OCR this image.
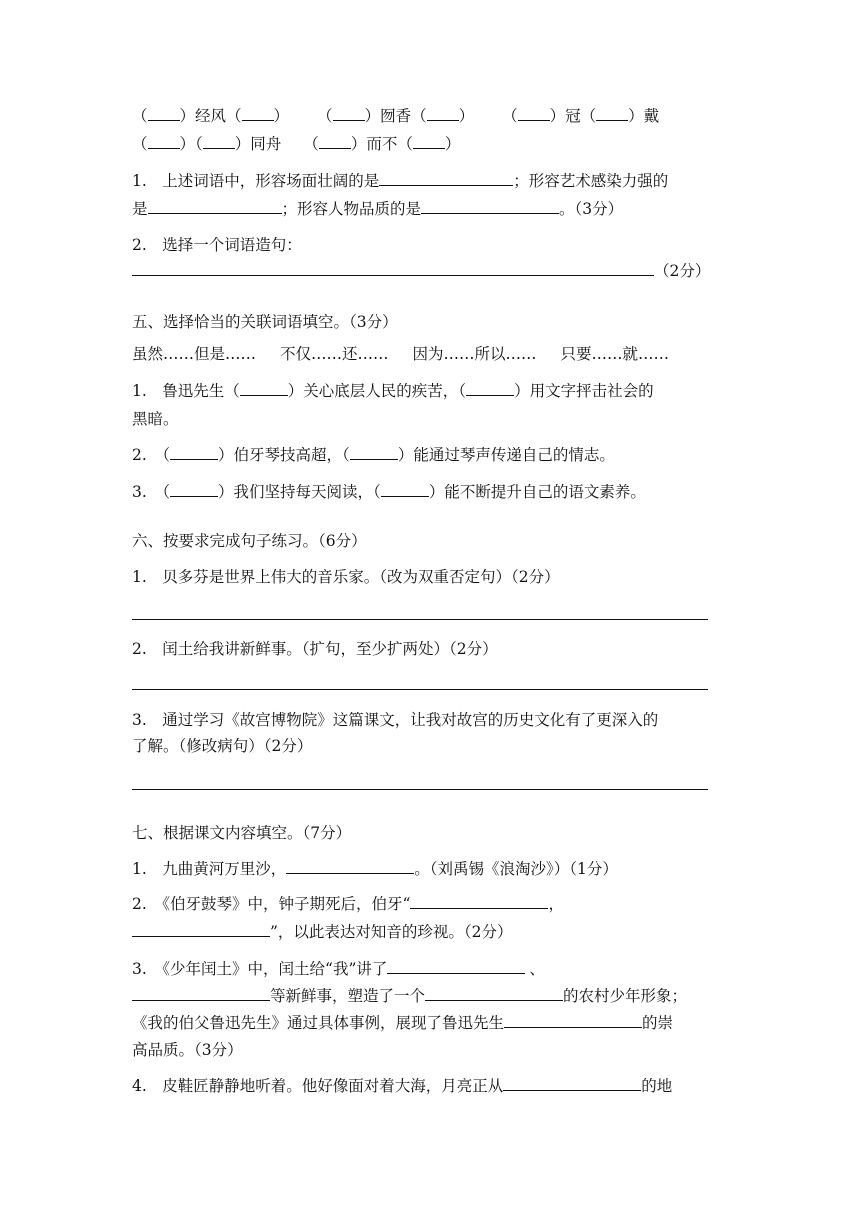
（ ）经风（ ） （ ）囫香（ ） （ ）冠（ ）戴
（ ）（ ）同舟 （ ）而不（ ）
1.　上述词语中，形容场面壮阔的是	；形容艺术感染力强的
是	；形容人物品质的是	。（3分）
2.　选择一个词语造句：
（2分）
五、选择恰当的关联词语填空。（3分）
虽然……但是…… 不仅……还…… 因为……所以…… 只要……就……
1.　鲁迅先生（	）关心底层人民的疾苦，（	）用文字抨击社会的
黑暗。
2.　（	）伯牙琴技高超，（	）能通过琴声传递自己的情志。
3.　（	）我们坚持每天阅读，（	）能不断提升自己的语文素养。
六、按要求完成句子练习。（6分）
1.　贝多芬是世界上伟大的音乐家。（改为双重否定句）（2分）
2.　闰土给我讲新鲜事。（扩句，至少扩两处）（2分）
3.　通过学习《故宫博物院》这篇课文，让我对故宫的历史文化有了更深入的
了解。（修改病句）（2分）
七、根据课文内容填空。（7分）
1.　九曲黄河万里沙，	。（刘禹锡《浪淘沙》）（1分）
2.　《伯牙鼓琴》中，钟子期死后，伯牙“	，
”，以此表达对知音的珍视。（2分）
3.　《少年闰土》中，闰土给“我”讲了	、
等新鲜事，塑造了一个	的农村少年形象；
《我的伯父鲁迅先生》通过具体事例，展现了鲁迅先生	的崇
高品质。（3分）
4.　皮鞋匠静静地听着。他好像面对着大海，月亮正从	的地
